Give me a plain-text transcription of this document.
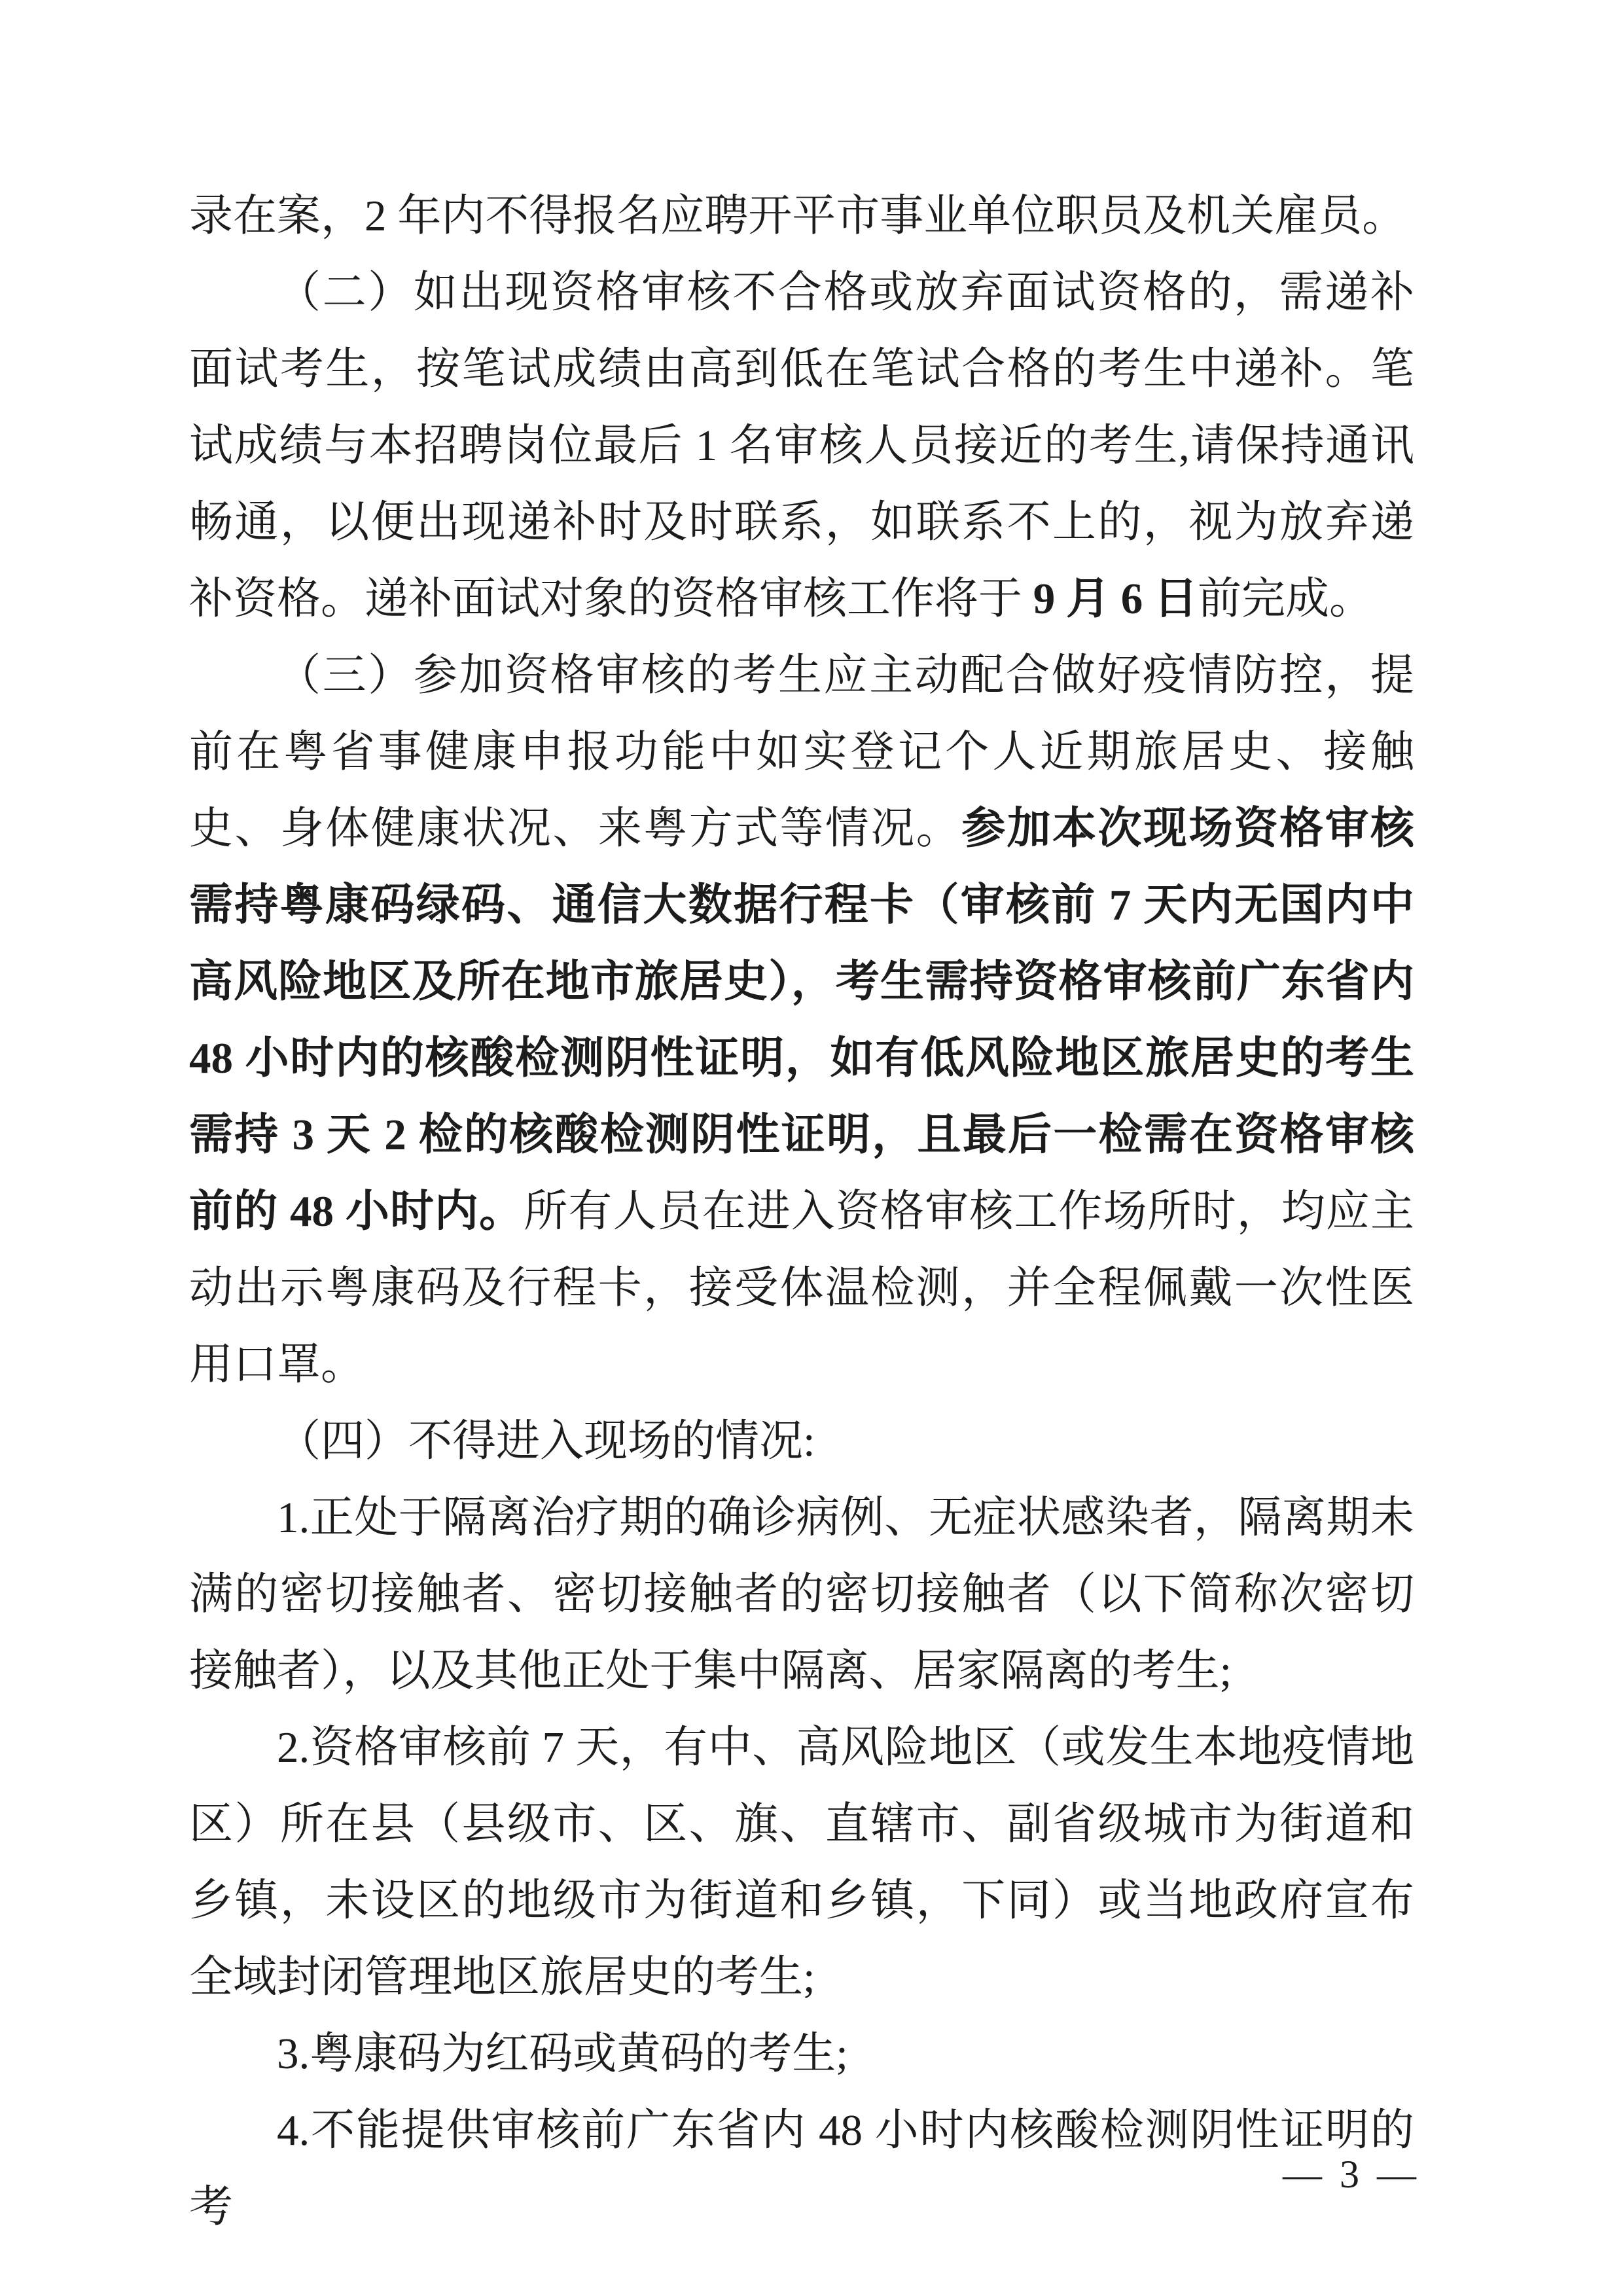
录在案，2 年内不得报名应聘开平市事业单位职员及机关雇员。

（二）如出现资格审核不合格或放弃面试资格的，需递补面试考生，按笔试成绩由高到低在笔试合格的考生中递补。笔试成绩与本招聘岗位最后 1 名审核人员接近的考生,请保持通讯畅通，以便出现递补时及时联系，如联系不上的，视为放弃递补资格。递补面试对象的资格审核工作将于 9 月 6 日前完成。

（三）参加资格审核的考生应主动配合做好疫情防控，提前在粤省事健康申报功能中如实登记个人近期旅居史、接触史、身体健康状况、来粤方式等情况。参加本次现场资格审核需持粤康码绿码、通信大数据行程卡（审核前 7 天内无国内中高风险地区及所在地市旅居史），考生需持资格审核前广东省内 48 小时内的核酸检测阴性证明，如有低风险地区旅居史的考生需持 3 天 2 检的核酸检测阴性证明，且最后一检需在资格审核前的 48 小时内。所有人员在进入资格审核工作场所时，均应主动出示粤康码及行程卡，接受体温检测，并全程佩戴一次性医用口罩。

（四）不得进入现场的情况:

1.正处于隔离治疗期的确诊病例、无症状感染者，隔离期未满的密切接触者、密切接触者的密切接触者（以下简称次密切接触者），以及其他正处于集中隔离、居家隔离的考生;

2.资格审核前 7 天，有中、高风险地区（或发生本地疫情地区）所在县（县级市、区、旗、直辖市、副省级城市为街道和乡镇，未设区的地级市为街道和乡镇，下同）或当地政府宣布全域封闭管理地区旅居史的考生;

3.粤康码为红码或黄码的考生;

4.不能提供审核前广东省内 48 小时内核酸检测阴性证明的考

— 3 —
